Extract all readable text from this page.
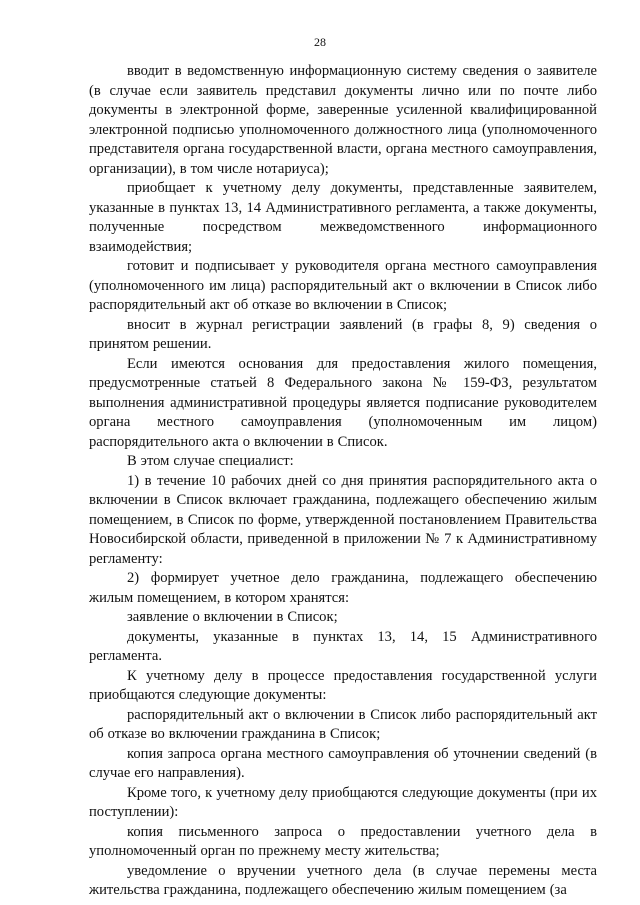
28

вводит в ведомственную информационную систему сведения о заявителе (в случае если заявитель представил документы лично или по почте либо документы в электронной форме, заверенные усиленной квалифицированной электронной подписью уполномоченного должностного лица (уполномоченного представителя органа государственной власти, органа местного самоуправления, организации), в том числе нотариуса);

приобщает к учетному делу документы, представленные заявителем, указанные в пунктах 13, 14 Административного регламента, а также документы, полученные посредством межведомственного информационного взаимодействия;

готовит и подписывает у руководителя органа местного самоуправления (уполномоченного им лица) распорядительный акт о включении в Список либо распорядительный акт об отказе во включении в Список;

вносит в журнал регистрации заявлений (в графы 8, 9) сведения о принятом решении.

Если имеются основания для предоставления жилого помещения, предусмотренные статьей 8 Федерального закона № 159-ФЗ, результатом выполнения административной процедуры является подписание руководителем органа местного самоуправления (уполномоченным им лицом) распорядительного акта о включении в Список.

В этом случае специалист:

1) в течение 10 рабочих дней со дня принятия распорядительного акта о включении в Список включает гражданина, подлежащего обеспечению жилым помещением, в Список по форме, утвержденной постановлением Правительства Новосибирской области, приведенной в приложении № 7 к Административному регламенту:

2) формирует учетное дело гражданина, подлежащего обеспечению жилым помещением, в котором хранятся:

заявление о включении в Список;

документы, указанные в пунктах 13, 14, 15 Административного регламента.

К учетному делу в процессе предоставления государственной услуги приобщаются следующие документы:

распорядительный акт о включении в Список либо распорядительный акт об отказе во включении гражданина в Список;

копия запроса органа местного самоуправления об уточнении сведений (в случае его направления).

Кроме того, к учетному делу приобщаются следующие документы (при их поступлении):

копия письменного запроса о предоставлении учетного дела в уполномоченный орган по прежнему месту жительства;

уведомление о вручении учетного дела (в случае перемены места жительства гражданина, подлежащего обеспечению жилым помещением (за
